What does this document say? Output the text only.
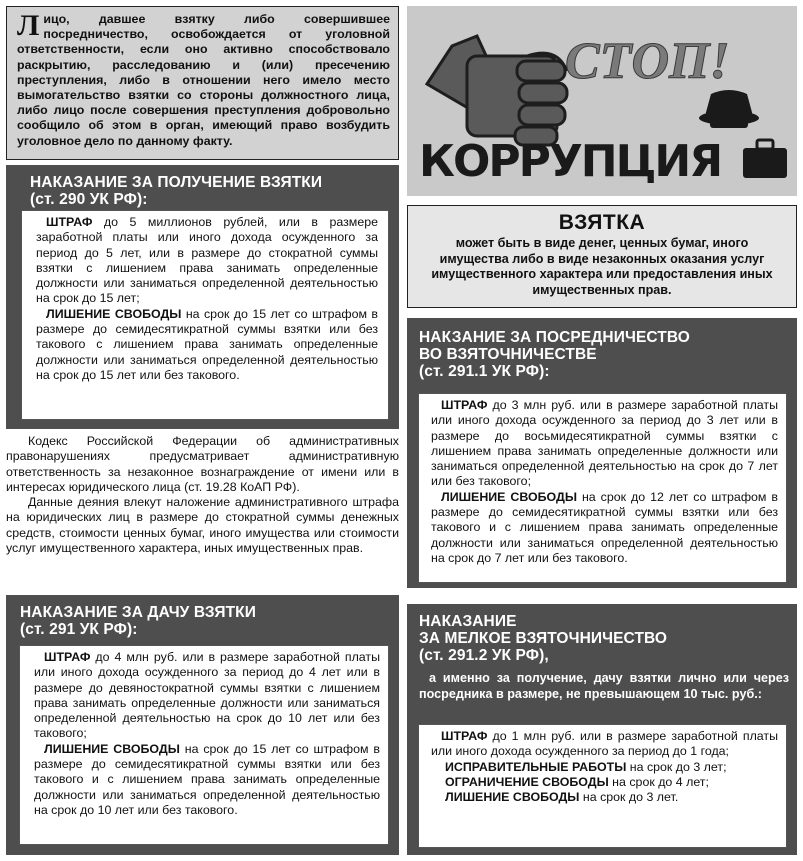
Л ицо, давшее взятку либо совершившее посредничество, освобождается от уголовной ответственности, если оно активно способствовало раскрытию, расследованию и (или) пресечению преступления, либо в отношении него имело место вымогательство взятки со стороны должностного лица, либо лицо после совершения преступления добровольно сообщило об этом в орган, имеющий право возбудить уголовное дело по данному факту.
СТОП!
КОРРУПЦИЯ
НАКАЗАНИЕ ЗА ПОЛУЧЕНИЕ ВЗЯТКИ
(ст. 290 УК РФ):

ШТРАФ до 5 миллионов рублей, или в размере заработной платы или иного дохода осужденного за период до 5 лет, или в размере до стократной суммы взятки с лишением права занимать определенные должности или заниматься определенной деятельностью на срок до 15 лет;

ЛИШЕНИЕ СВОБОДЫ на срок до 15 лет со штрафом в размере до семидесятикратной суммы взятки или без такового с лишением права занимать определенные должности или заниматься определенной деятельностью на срок до 15 лет или без такового.

ВЗЯТКА
может быть в виде денег, ценных бумаг, иного имущества либо в виде незаконных оказания услуг имущественного характера или предоставления иных имущественных прав.

Кодекс Российской Федерации об административных правонарушениях предусматривает административную ответственность за незаконное вознаграждение от имени или в интересах юридического лица (ст. 19.28 КоАП РФ).

Данные деяния влекут наложение административного штрафа на юридических лиц в размере до стократной суммы денежных средств, стоимости ценных бумаг, иного имущества или стоимости услуг имущественного характера, иных имущественных прав.

НАКЗАНИЕ ЗА ПОСРЕДНИЧЕСТВО
ВО ВЗЯТОЧНИЧЕСТВЕ
(ст. 291.1 УК РФ):

ШТРАФ до 3 млн руб. или в размере заработной платы или иного дохода осужденного за период до 3 лет или в размере до восьмидесятикратной суммы взятки с лишением права занимать определенные должности или заниматься определенной деятельностью на срок до 7 лет или без такового;

ЛИШЕНИЕ СВОБОДЫ на срок до 12 лет со штрафом в размере до семидесятикратной суммы взятки или без такового и с лишением права занимать определенные должности или заниматься определенной деятельностью на срок до 7 лет или без такового.

НАКАЗАНИЕ ЗА ДАЧУ ВЗЯТКИ
(ст. 291 УК РФ):

ШТРАФ до 4 млн руб. или в размере заработной платы или иного дохода осужденного за период до 4 лет или в размере до девяностократной суммы взятки с лишением права занимать определенные должности или заниматься определенной деятельностью на срок до 10 лет или без такового;

ЛИШЕНИЕ СВОБОДЫ на срок до 15 лет со штрафом в размере до семидесятикратной суммы взятки или без такового и с лишением права занимать определенные должности или заниматься определенной деятельностью на срок до 10 лет или без такового.

НАКАЗАНИЕ
ЗА МЕЛКОЕ ВЗЯТОЧНИЧЕСТВО
(ст. 291.2 УК РФ),
а именно за получение, дачу взятки лично или через посредника в размере, не превышающем 10 тыс. руб.:

ШТРАФ до 1 млн руб. или в размере заработной платы или иного дохода осужденного за период до 1 года;

ИСПРАВИТЕЛЬНЫЕ РАБОТЫ на срок до 3 лет;

ОГРАНИЧЕНИЕ СВОБОДЫ на срок до 4 лет;

ЛИШЕНИЕ СВОБОДЫ на срок до 3 лет.
